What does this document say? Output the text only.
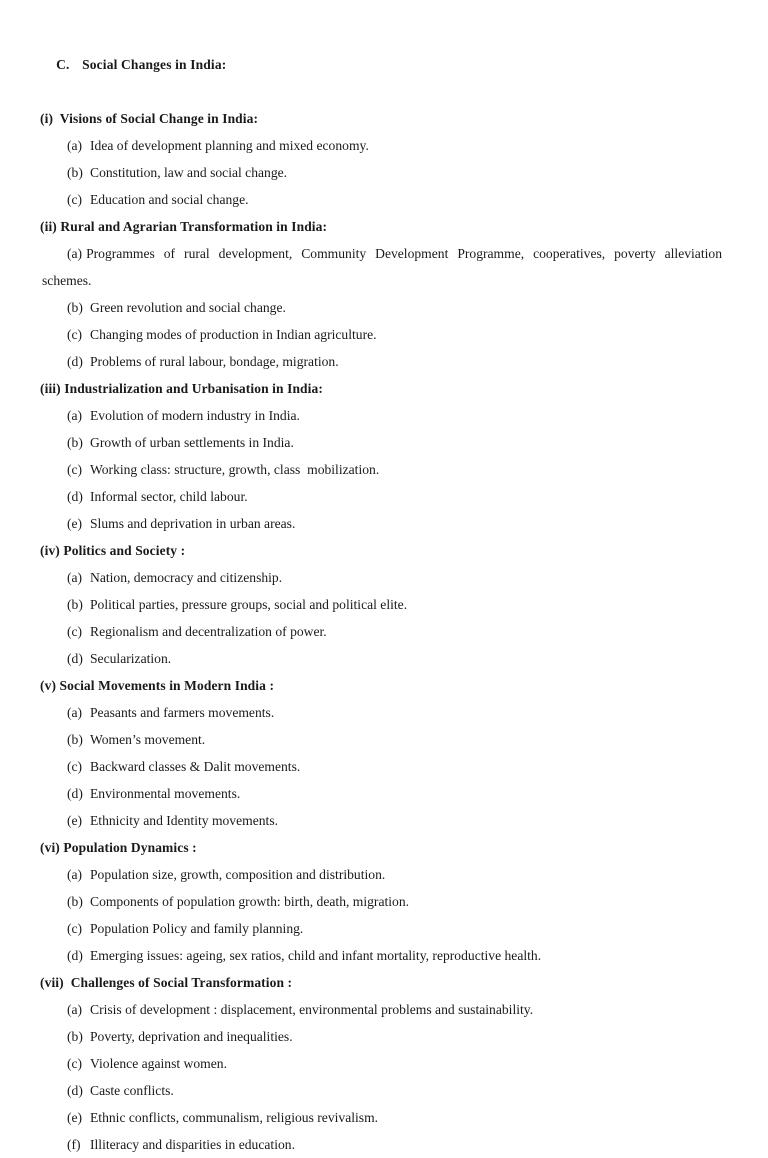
C. Social Changes in India:

(i) Visions of Social Change in India:
(a) Idea of development planning and mixed economy.
(b) Constitution, law and social change.
(c) Education and social change.
(ii) Rural and Agrarian Transformation in India:
(a) Programmes of rural development, Community Development Programme, cooperatives, poverty alleviation schemes.
(b) Green revolution and social change.
(c) Changing modes of production in Indian agriculture.
(d) Problems of rural labour, bondage, migration.
(iii) Industrialization and Urbanisation in India:
(a) Evolution of modern industry in India.
(b) Growth of urban settlements in India.
(c) Working class: structure, growth, class  mobilization.
(d) Informal sector, child labour.
(e) Slums and deprivation in urban areas.
(iv) Politics and Society :
(a) Nation, democracy and citizenship.
(b) Political parties, pressure groups, social and political elite.
(c) Regionalism and decentralization of power.
(d) Secularization.
(v) Social Movements in Modern India :
(a) Peasants and farmers movements.
(b) Women’s movement.
(c) Backward classes & Dalit movements.
(d) Environmental movements.
(e) Ethnicity and Identity movements.
(vi) Population Dynamics :
(a) Population size, growth, composition and distribution.
(b) Components of population growth: birth, death, migration.
(c) Population Policy and family planning.
(d) Emerging issues: ageing, sex ratios, child and infant mortality, reproductive health.
(vii) Challenges of Social Transformation :
(a) Crisis of development : displacement, environmental problems and sustainability.
(b) Poverty, deprivation and inequalities.
(c) Violence against women.
(d) Caste conflicts.
(e) Ethnic conflicts, communalism, religious revivalism.
(f) Illiteracy and disparities in education.
